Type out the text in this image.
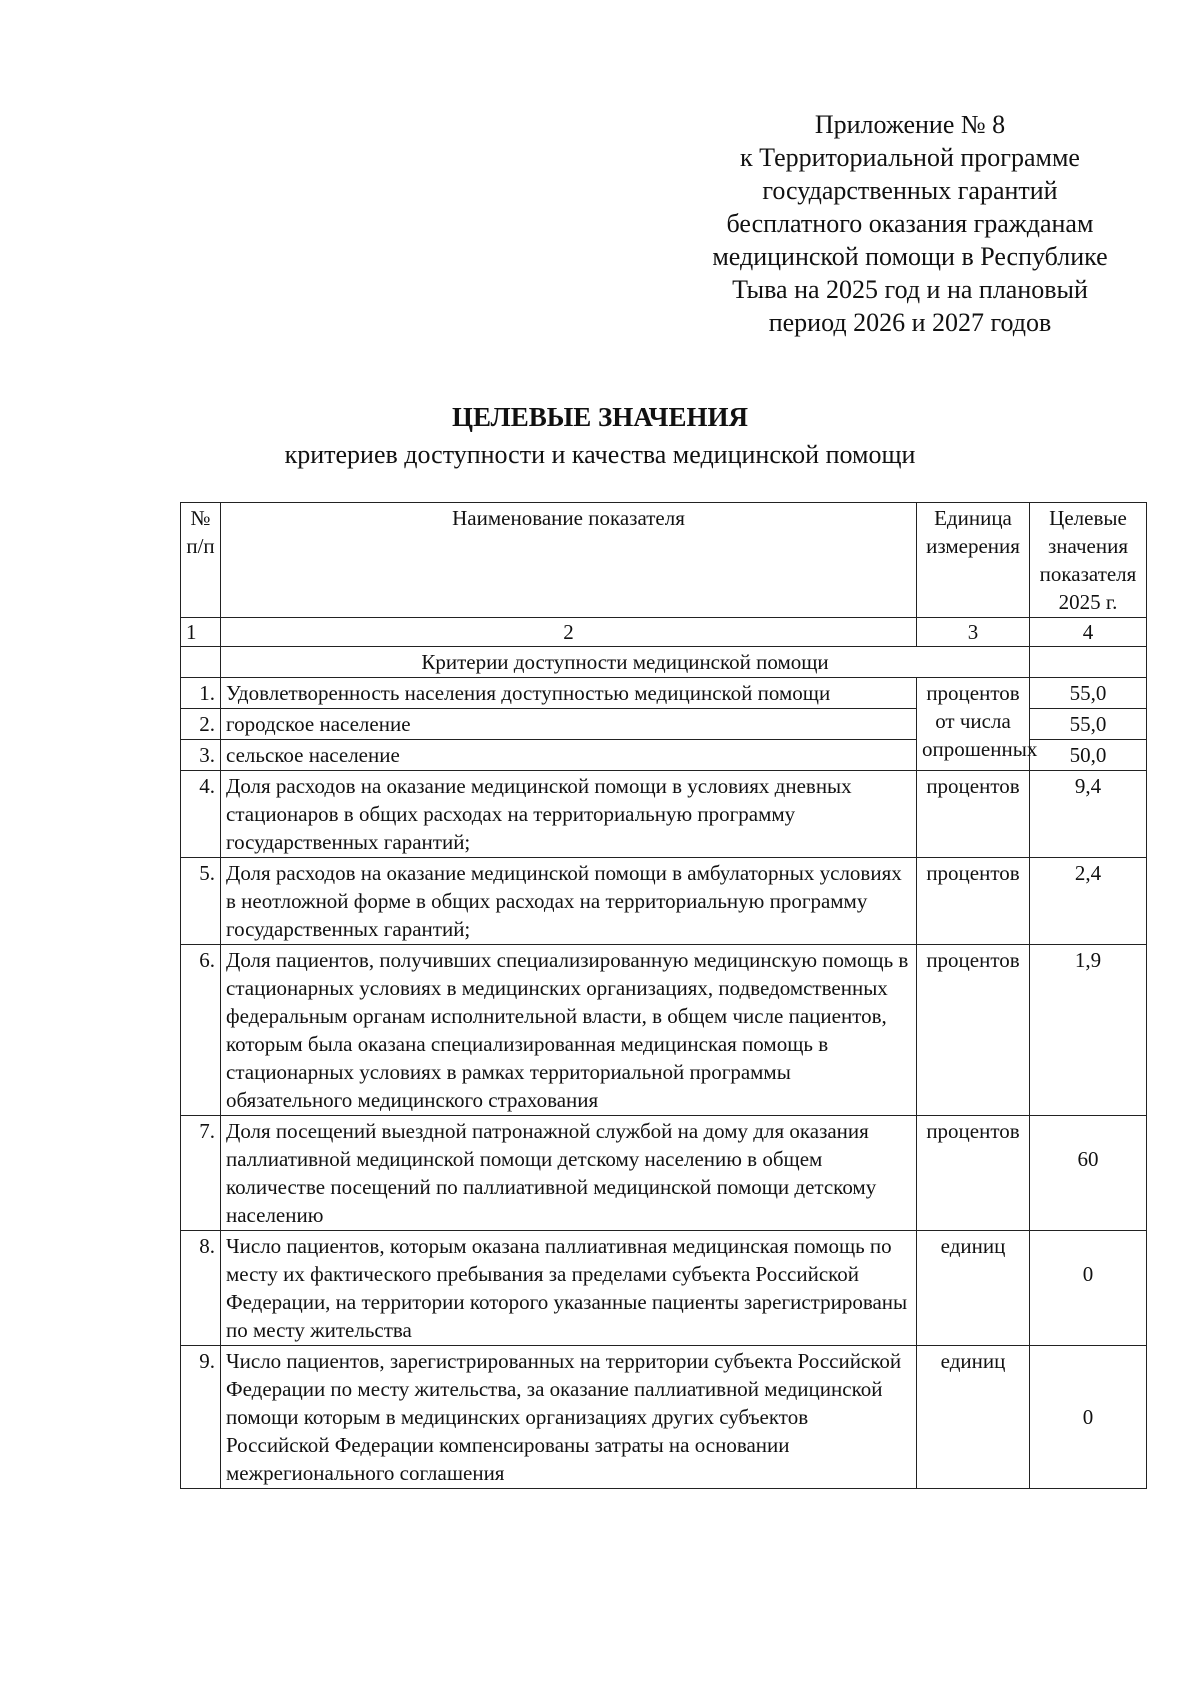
Приложение № 8
к Территориальной программе
государственных гарантий
бесплатного оказания гражданам
медицинской помощи в Республике
Тыва на 2025 год и на плановый
период 2026 и 2027 годов
ЦЕЛЕВЫЕ ЗНАЧЕНИЯ
критериев доступности и качества медицинской помощи
№ п/п	Наименование показателя	Единица измерения	Целевые значения показателя 2025 г.
1	2	3	4
	Критерии доступности медицинской помощи		
1.	Удовлетворенность населения доступностью медицинской помощи	процентов от числа опрошенных	55,0
2.	городское население		55,0
3.	сельское население		50,0
4.	Доля расходов на оказание медицинской помощи в условиях дневных стационаров в общих расходах на территориальную программу государственных гарантий;	процентов	9,4
5.	Доля расходов на оказание медицинской помощи в амбулаторных условиях в неотложной форме в общих расходах на территориальную программу государственных гарантий;	процентов	2,4
6.	Доля пациентов, получивших специализированную медицинскую помощь в стационарных условиях в медицинских организациях, подведомственных федеральным органам исполнительной власти, в общем числе пациентов, которым была оказана специализированная медицинская помощь в стационарных условиях в рамках территориальной программы обязательного медицинского страхования	процентов	1,9
7.	Доля посещений выездной патронажной службой на дому для оказания паллиативной медицинской помощи детскому населению в общем количестве посещений по паллиативной медицинской помощи детскому населению	процентов	60
8.	Число пациентов, которым оказана паллиативная медицинская помощь по месту их фактического пребывания за пределами субъекта Российской Федерации, на территории которого указанные пациенты зарегистрированы по месту жительства	единиц	0
9.	Число пациентов, зарегистрированных на территории субъекта Российской Федерации по месту жительства, за оказание паллиативной медицинской помощи которым в медицинских организациях других субъектов Российской Федерации компенсированы затраты на основании межрегионального соглашения	единиц	0
